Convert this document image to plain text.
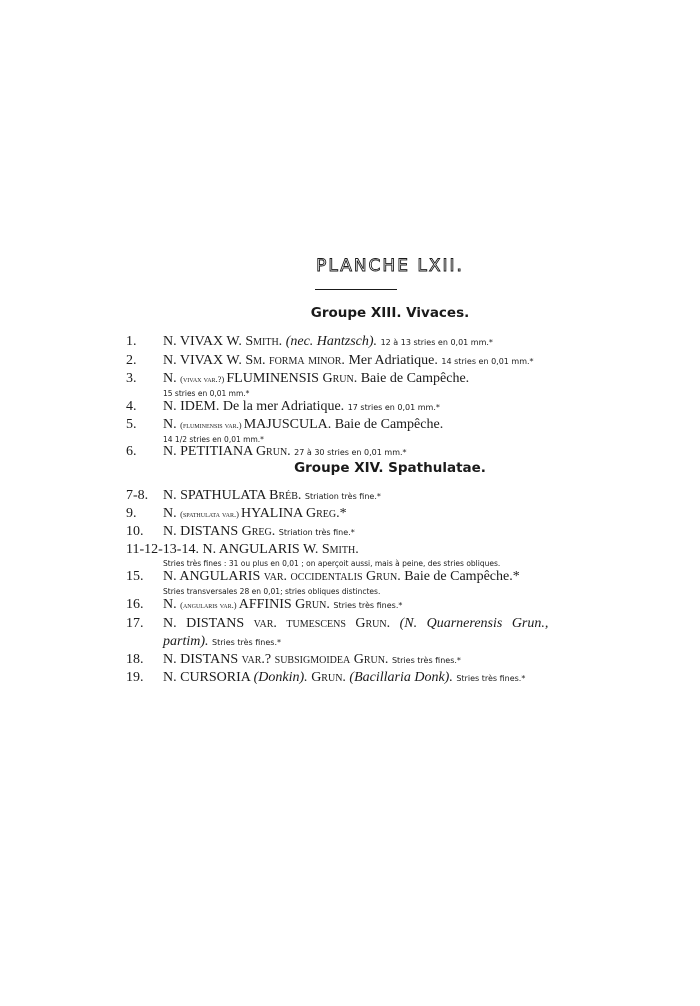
PLANCHE LXII.
Groupe XIII. Vivaces.
1. N. VIVAX W. Smith. (nec. Hantzsch). 12 à 13 stries en 0,01 mm.*
2. N. VIVAX W. Sm. forma minor. Mer Adriatique. 14 stries en 0,01 mm.*
3. N. (vivax var.?) FLUMINENSIS Grun. Baie de Campêche.
15 stries en 0,01 mm.*
4. N. IDEM. De la mer Adriatique. 17 stries en 0,01 mm.*
5. N. (fluminensis var.) MAJUSCULA. Baie de Campêche.
14 1/2 stries en 0,01 mm.*
6. N. PETITIANA Grun. 27 à 30 stries en 0,01 mm.*
Groupe XIV. Spathulatae.
7-8. N. SPATHULATA Bréb. Striation très fine.*
9. N. (spathulata var.) HYALINA Greg.*
10. N. DISTANS Greg. Striation très fine.*
11-12-13-14. N. ANGULARIS W. Smith.
Stries très fines : 31 ou plus en 0,01 ; on aperçoit aussi, mais à peine, des stries obliques.
15. N. ANGULARIS var. occidentalis Grun. Baie de Campêche.*
Stries transversales 28 en 0,01; stries obliques distinctes.
16. N. (angularis var.) AFFINIS Grun. Stries très fines.*
17. N. DISTANS var. tumescens Grun. (N. Quarnerensis Grun.,
partim). Stries très fines.*
18. N. DISTANS var.? subsigmoidea Grun. Stries très fines.*
19. N. CURSORIA (Donkin). Grun. (Bacillaria Donk). Stries très fines.*
